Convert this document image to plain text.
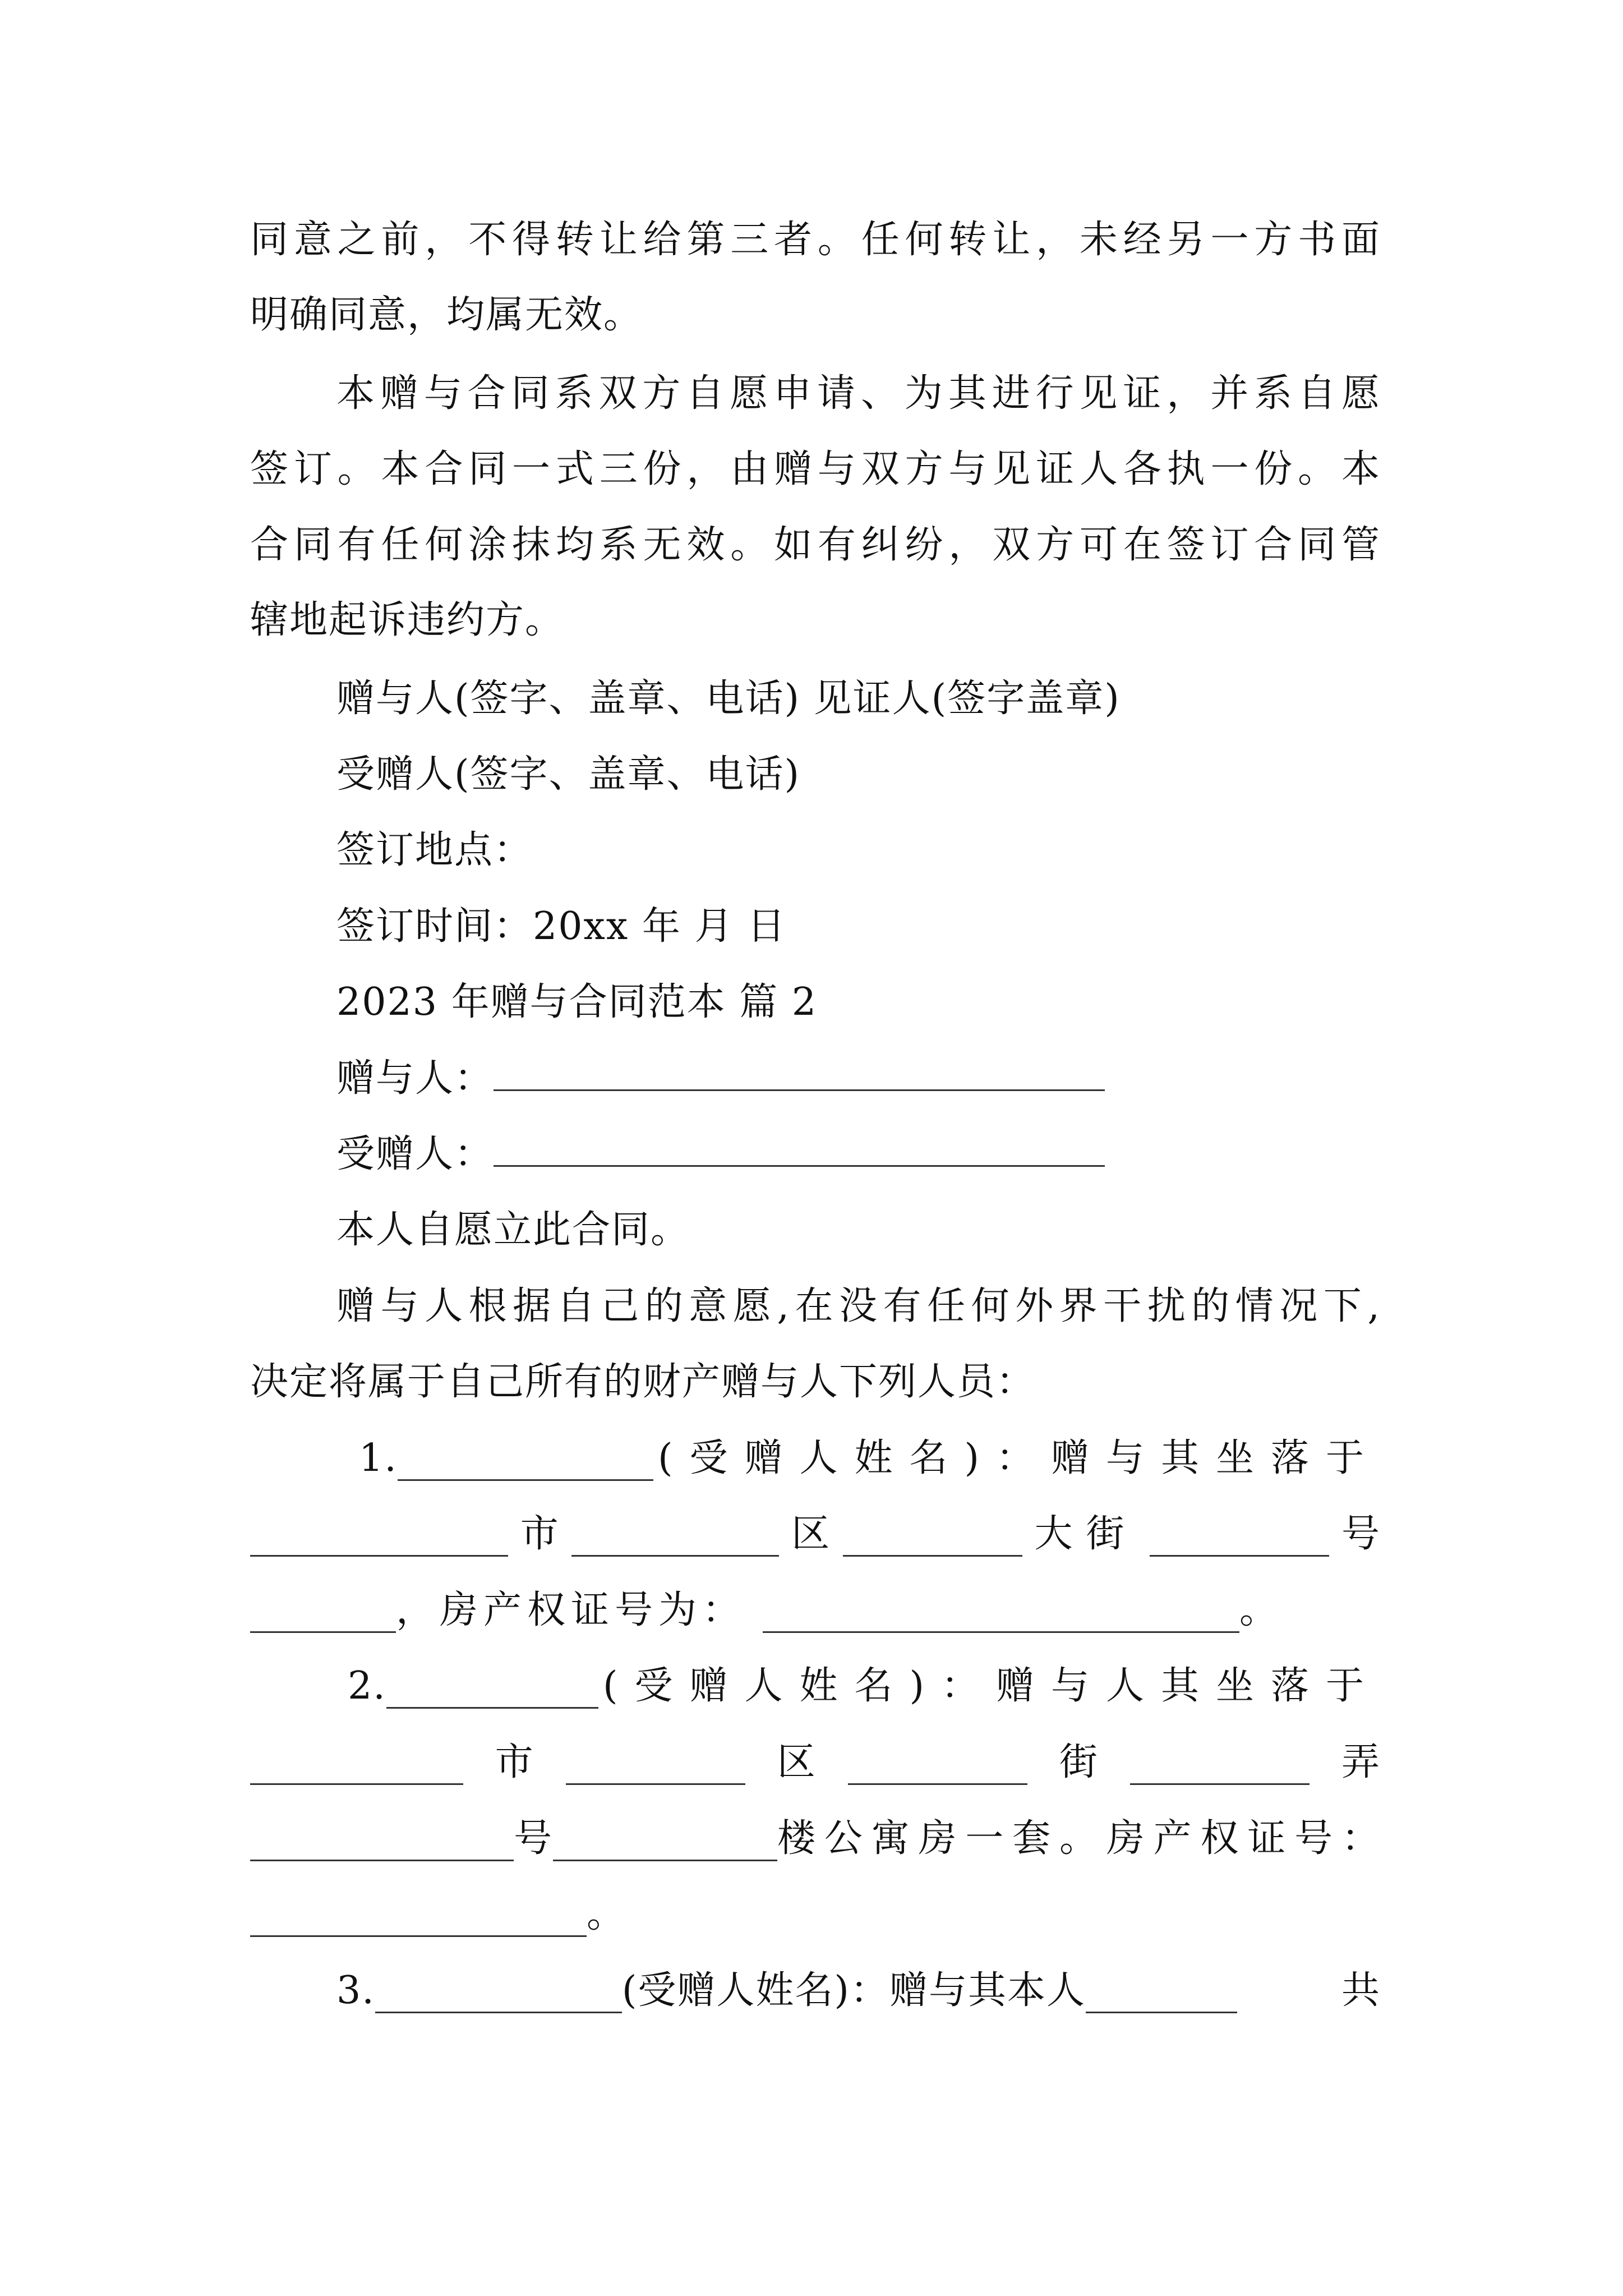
同意之前，不得转让给第三者。任何转让，未经另一方书面
明确同意，均属无效。
本赠与合同系双方自愿申请、为其进行见证，并系自愿
签订。本合同一式三份，由赠与双方与见证人各执一份。本
合同有任何涂抹均系无效。如有纠纷，双方可在签订合同管
辖地起诉违约方。
赠与人(签字、盖章、电话) 见证人(签字盖章)
受赠人(签字、盖章、电话)
签订地点：
签订时间：20xx 年 月 日
2023 年赠与合同范本 篇 2
赠与人：
受赠人：
本人自愿立此合同。
赠与人根据自己的意愿,在没有任何外界干扰的情况下,
决定将属于自己所有的财产赠与人下列人员：
1.	(受赠人姓名)：赠与其坐落于
市	区	大街	号
，房产权证号为：	。
2.	(受赠人姓名)：赠与人其坐落于
市	区	街	弄
号	楼公寓房一套。房产权证号：
。
3.	(受赠人姓名)：赠与其本人	共
